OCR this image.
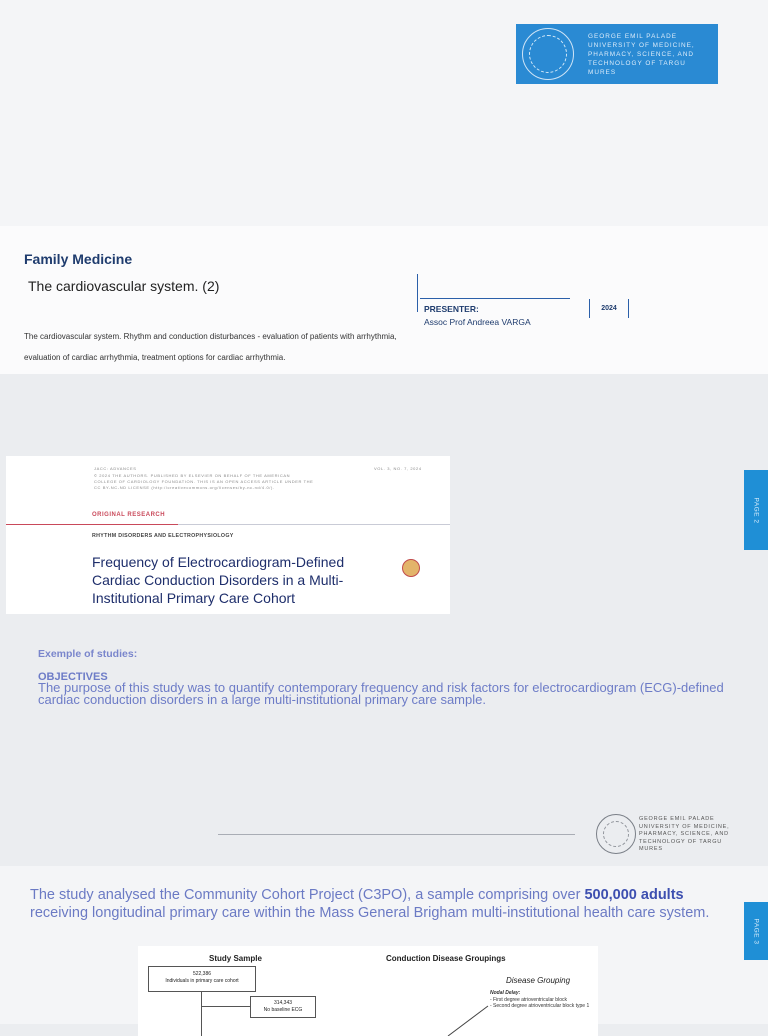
GEORGE EMIL PALADE UNIVERSITY OF MEDICINE, PHARMACY, SCIENCE, AND TECHNOLOGY OF TARGU MURES
Family Medicine
The cardiovascular system. (2)
The cardiovascular system. Rhythm and conduction disturbances - evaluation of patients with arrhythmia, evaluation of cardiac arrhythmia, treatment options for cardiac arrhythmia.
PRESENTER:
Assoc Prof Andreea VARGA
2024
JACC: ADVANCES	VOL. 3, NO. 7, 2024
© 2024 THE AUTHORS. PUBLISHED BY ELSEVIER ON BEHALF OF THE AMERICAN COLLEGE OF CARDIOLOGY FOUNDATION. THIS IS AN OPEN ACCESS ARTICLE UNDER THE CC BY-NC-ND LICENSE (http://creativecommons.org/licenses/by-nc-nd/4.0/).
ORIGINAL RESEARCH
RHYTHM DISORDERS AND ELECTROPHYSIOLOGY
Frequency of Electrocardiogram-Defined Cardiac Conduction Disorders in a Multi-Institutional Primary Care Cohort
Exemple of studies:
OBJECTIVES
The purpose of this study was to quantify contemporary frequency and risk factors for electrocardiogram (ECG)-defined cardiac conduction disorders in a large multi-institutional primary care sample.
PAGE 2
GEORGE EMIL PALADE UNIVERSITY OF MEDICINE, PHARMACY, SCIENCE, AND TECHNOLOGY OF TARGU MURES
The study analysed the Community Cohort Project (C3PO), a sample comprising over 500,000 adults receiving longitudinal primary care within the Mass General Brigham multi-institutional health care system.
PAGE 3
Study Sample	Conduction Disease Groupings
522,386
Individuals in primary care cohort
314,343
No baseline ECG
Disease Grouping
Nodal Delay:
- First degree atrioventricular block
- Second degree atrioventricular block type 1
